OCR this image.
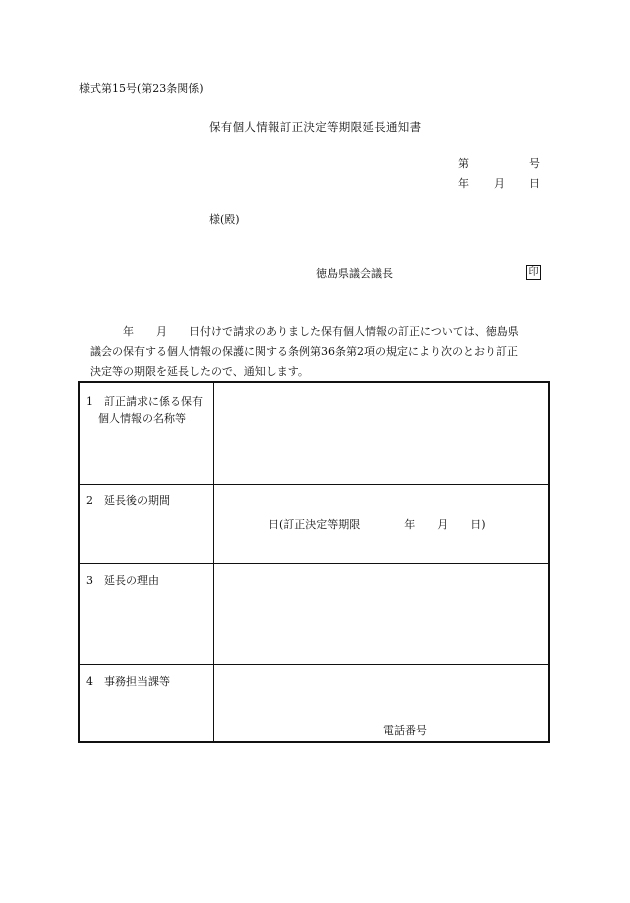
様式第15号(第23条関係)
保有個人情報訂正決定等期限延長通知書
第	号
年 月 日
様(殿)
徳島県議会議長	印
　　　年　　月　　日付けで請求のありました保有個人情報の訂正については、徳島県
議会の保有する個人情報の保護に関する条例第36条第2項の規定により次のとおり訂正
決定等の期限を延長したので、通知します。
1　訂正請求に係る保有
個人情報の名称等
2　延長後の期間
日(訂正決定等期限　　　　年　　月　　日)
3　延長の理由
4　事務担当課等
電話番号
